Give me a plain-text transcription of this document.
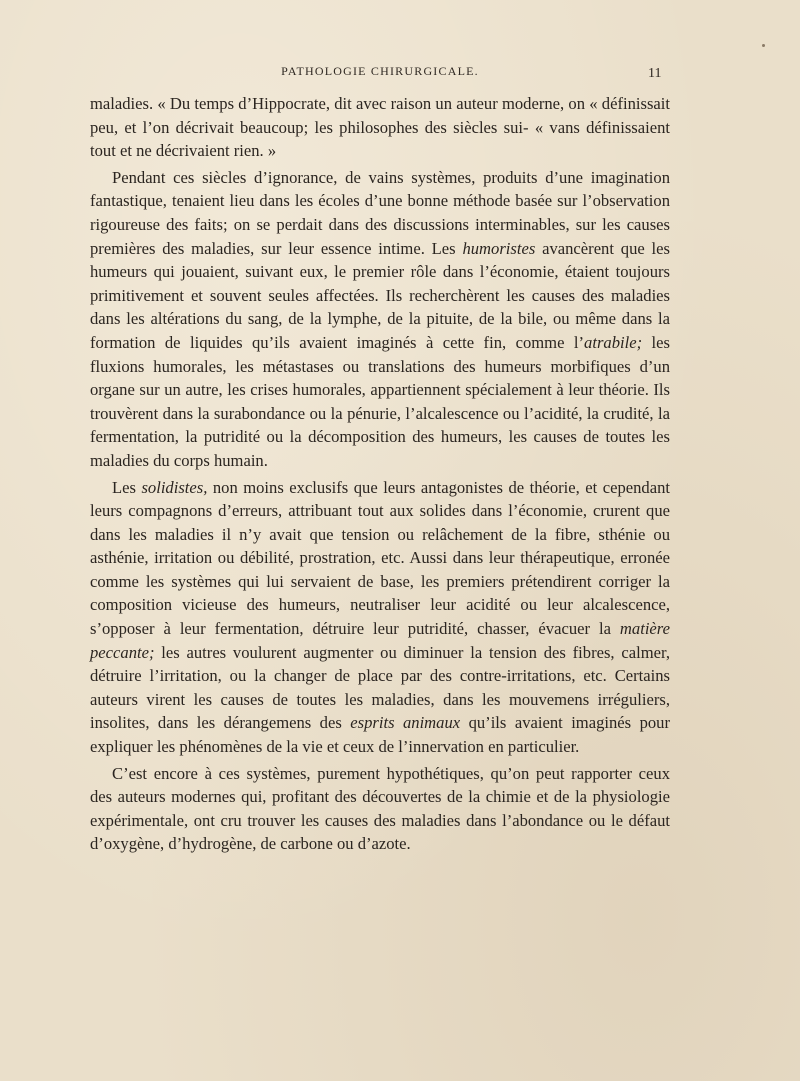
PATHOLOGIE CHIRURGICALE.	11

maladies. « Du temps d’Hippocrate, dit avec raison un auteur moderne, on « définissait peu, et l’on décrivait beaucoup; les philosophes des siècles sui- « vans définissaient tout et ne décrivaient rien. »

Pendant ces siècles d’ignorance, de vains systèmes, produits d’une imagination fantastique, tenaient lieu dans les écoles d’une bonne méthode basée sur l’observation rigoureuse des faits; on se perdait dans des discussions interminables, sur les causes premières des maladies, sur leur essence intime. Les humoristes avancèrent que les humeurs qui jouaient, suivant eux, le premier rôle dans l’économie, étaient toujours primitivement et souvent seules affectées. Ils recherchèrent les causes des maladies dans les altérations du sang, de la lymphe, de la pituite, de la bile, ou même dans la formation de liquides qu’ils avaient imaginés à cette fin, comme l’atrabile; les fluxions humorales, les métastases ou translations des humeurs morbifiques d’un organe sur un autre, les crises humorales, appartiennent spécialement à leur théorie. Ils trouvèrent dans la surabondance ou la pénurie, l’alcalescence ou l’acidité, la crudité, la fermentation, la putridité ou la décomposition des humeurs, les causes de toutes les maladies du corps humain.

Les solidistes, non moins exclusifs que leurs antagonistes de théorie, et cependant leurs compagnons d’erreurs, attribuant tout aux solides dans l’économie, crurent que dans les maladies il n’y avait que tension ou relâchement de la fibre, sthénie ou asthénie, irritation ou débilité, prostration, etc. Aussi dans leur thérapeutique, erronée comme les systèmes qui lui servaient de base, les premiers prétendirent corriger la composition vicieuse des humeurs, neutraliser leur acidité ou leur alcalescence, s’opposer à leur fermentation, détruire leur putridité, chasser, évacuer la matière peccante; les autres voulurent augmenter ou diminuer la tension des fibres, calmer, détruire l’irritation, ou la changer de place par des contre-irritations, etc. Certains auteurs virent les causes de toutes les maladies, dans les mouvemens irréguliers, insolites, dans les dérangemens des esprits animaux qu’ils avaient imaginés pour expliquer les phénomènes de la vie et ceux de l’innervation en particulier.

C’est encore à ces systèmes, purement hypothétiques, qu’on peut rapporter ceux des auteurs modernes qui, profitant des découvertes de la chimie et de la physiologie expérimentale, ont cru trouver les causes des maladies dans l’abondance ou le défaut d’oxygène, d’hydrogène, de carbone ou d’azote.
